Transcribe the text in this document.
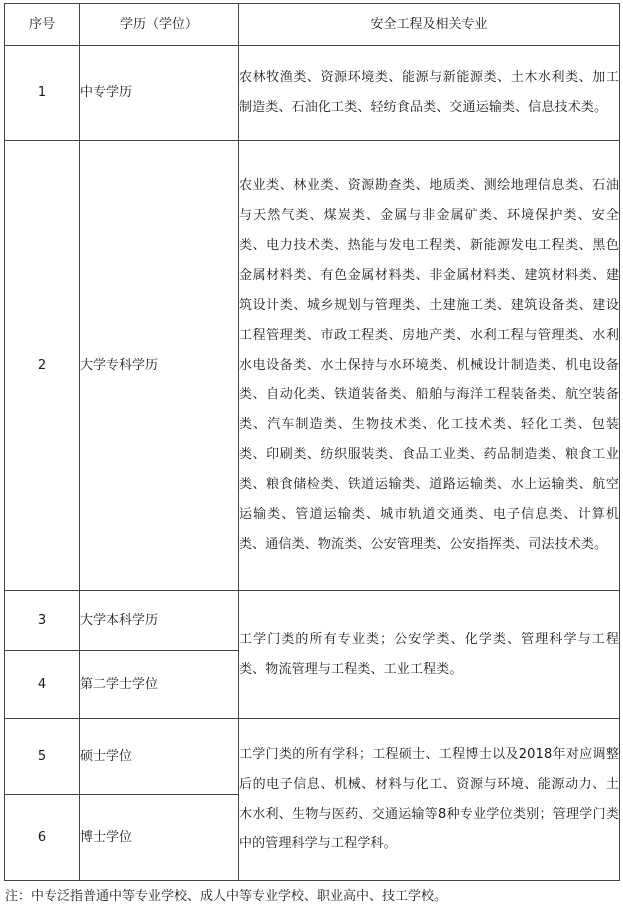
序号	学历（学位）	安全工程及相关专业
1	中专学历	农林牧渔类、资源环境类、能源与新能源类、土木水利类、加工制造类、石油化工类、轻纺食品类、交通运输类、信息技术类。

2	大学专科学历	农业类、林业类、资源勘查类、地质类、测绘地理信息类、石油与天然气类、煤炭类、金属与非金属矿类、环境保护类、安全类、电力技术类、热能与发电工程类、新能源发电工程类、黑色金属材料类、有色金属材料类、非金属材料类、建筑材料类、建筑设计类、城乡规划与管理类、土建施工类、建筑设备类、建设工程管理类、市政工程类、房地产类、水利工程与管理类、水利水电设备类、水土保持与水环境类、机械设计制造类、机电设备类、自动化类、铁道装备类、船舶与海洋工程装备类、航空装备类、汽车制造类、生物技术类、化工技术类、轻化工类、包装类、印刷类、纺织服装类、食品工业类、药品制造类、粮食工业类、粮食储检类、铁道运输类、道路运输类、水上运输类、航空运输类、管道运输类、城市轨道交通类、电子信息类、计算机类、通信类、物流类、公安管理类、公安指挥类、司法技术类。

3	大学本科学历	工学门类的所有专业类；公安学类、化学类、管理科学与工程类、物流管理与工程类、工业工程类。

4	第二学士学位	
5	硕士学位	工学门类的所有学科；工程硕士、工程博士以及2018年对应调整后的电子信息、机械、材料与化工、资源与环境、能源动力、土木水利、生物与医药、交通运输等8种专业学位类别；管理学门类中的管理科学与工程学科。

6	博士学位	
注：中专泛指普通中等专业学校、成人中等专业学校、职业高中、技工学校。
